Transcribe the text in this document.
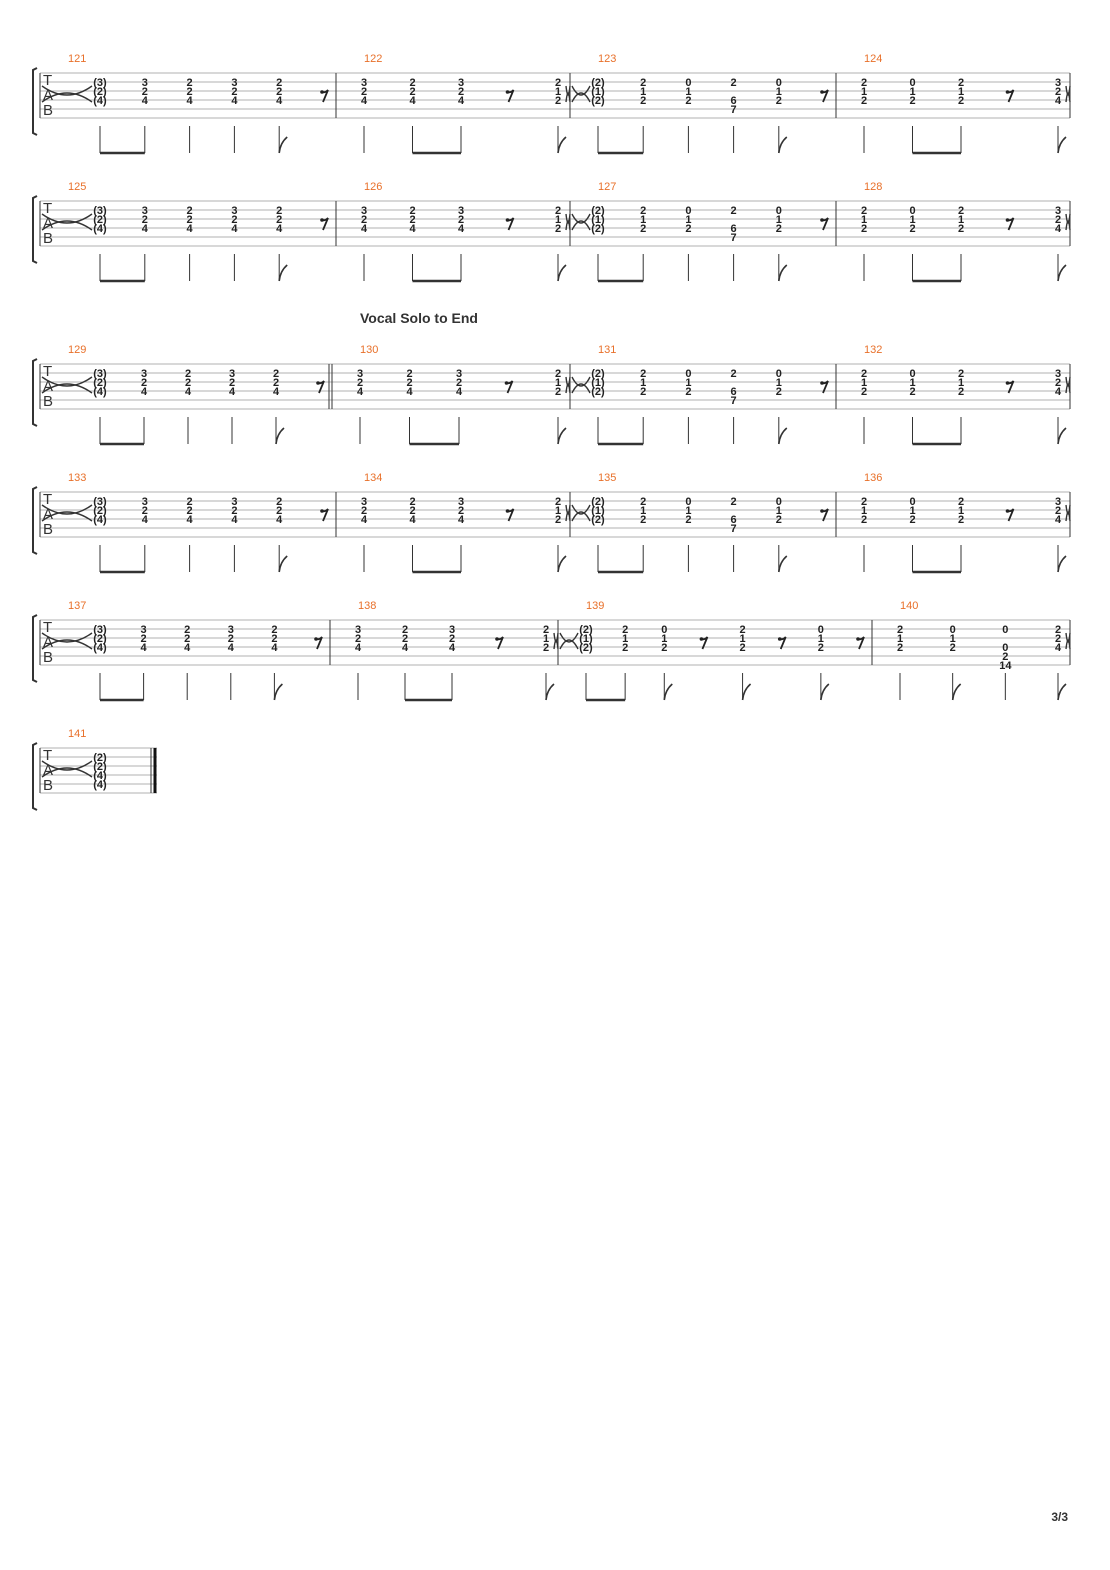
Vocal Solo to End
T
A
B
121
(3)
(2)
(4)
3
2
4
2
2
4
3
2
4
2
2
4
122
3
2
4
2
2
4
3
2
4
2
1
2
123
(2)
(1)
(2)
2
1
2
0
1
2
2
6
7
0
1
2
124
2
1
2
0
1
2
2
1
2
3
2
4
T
A
B
125
(3)
(2)
(4)
3
2
4
2
2
4
3
2
4
2
2
4
126
3
2
4
2
2
4
3
2
4
2
1
2
127
(2)
(1)
(2)
2
1
2
0
1
2
2
6
7
0
1
2
128
2
1
2
0
1
2
2
1
2
3
2
4
T
A
B
129
(3)
(2)
(4)
3
2
4
2
2
4
3
2
4
2
2
4
130
3
2
4
2
2
4
3
2
4
2
1
2
131
(2)
(1)
(2)
2
1
2
0
1
2
2
6
7
0
1
2
132
2
1
2
0
1
2
2
1
2
3
2
4
T
A
B
133
(3)
(2)
(4)
3
2
4
2
2
4
3
2
4
2
2
4
134
3
2
4
2
2
4
3
2
4
2
1
2
135
(2)
(1)
(2)
2
1
2
0
1
2
2
6
7
0
1
2
136
2
1
2
0
1
2
2
1
2
3
2
4
T
A
B
137
(3)
(2)
(4)
3
2
4
2
2
4
3
2
4
2
2
4
138
3
2
4
2
2
4
3
2
4
2
1
2
139
(2)
(1)
(2)
2
1
2
0
1
2
2
1
2
0
1
2
140
2
1
2
0
1
2
0
0
2
14
2
2
4
T
A
B
141
(2)
(2)
(4)
(4)
3/3
